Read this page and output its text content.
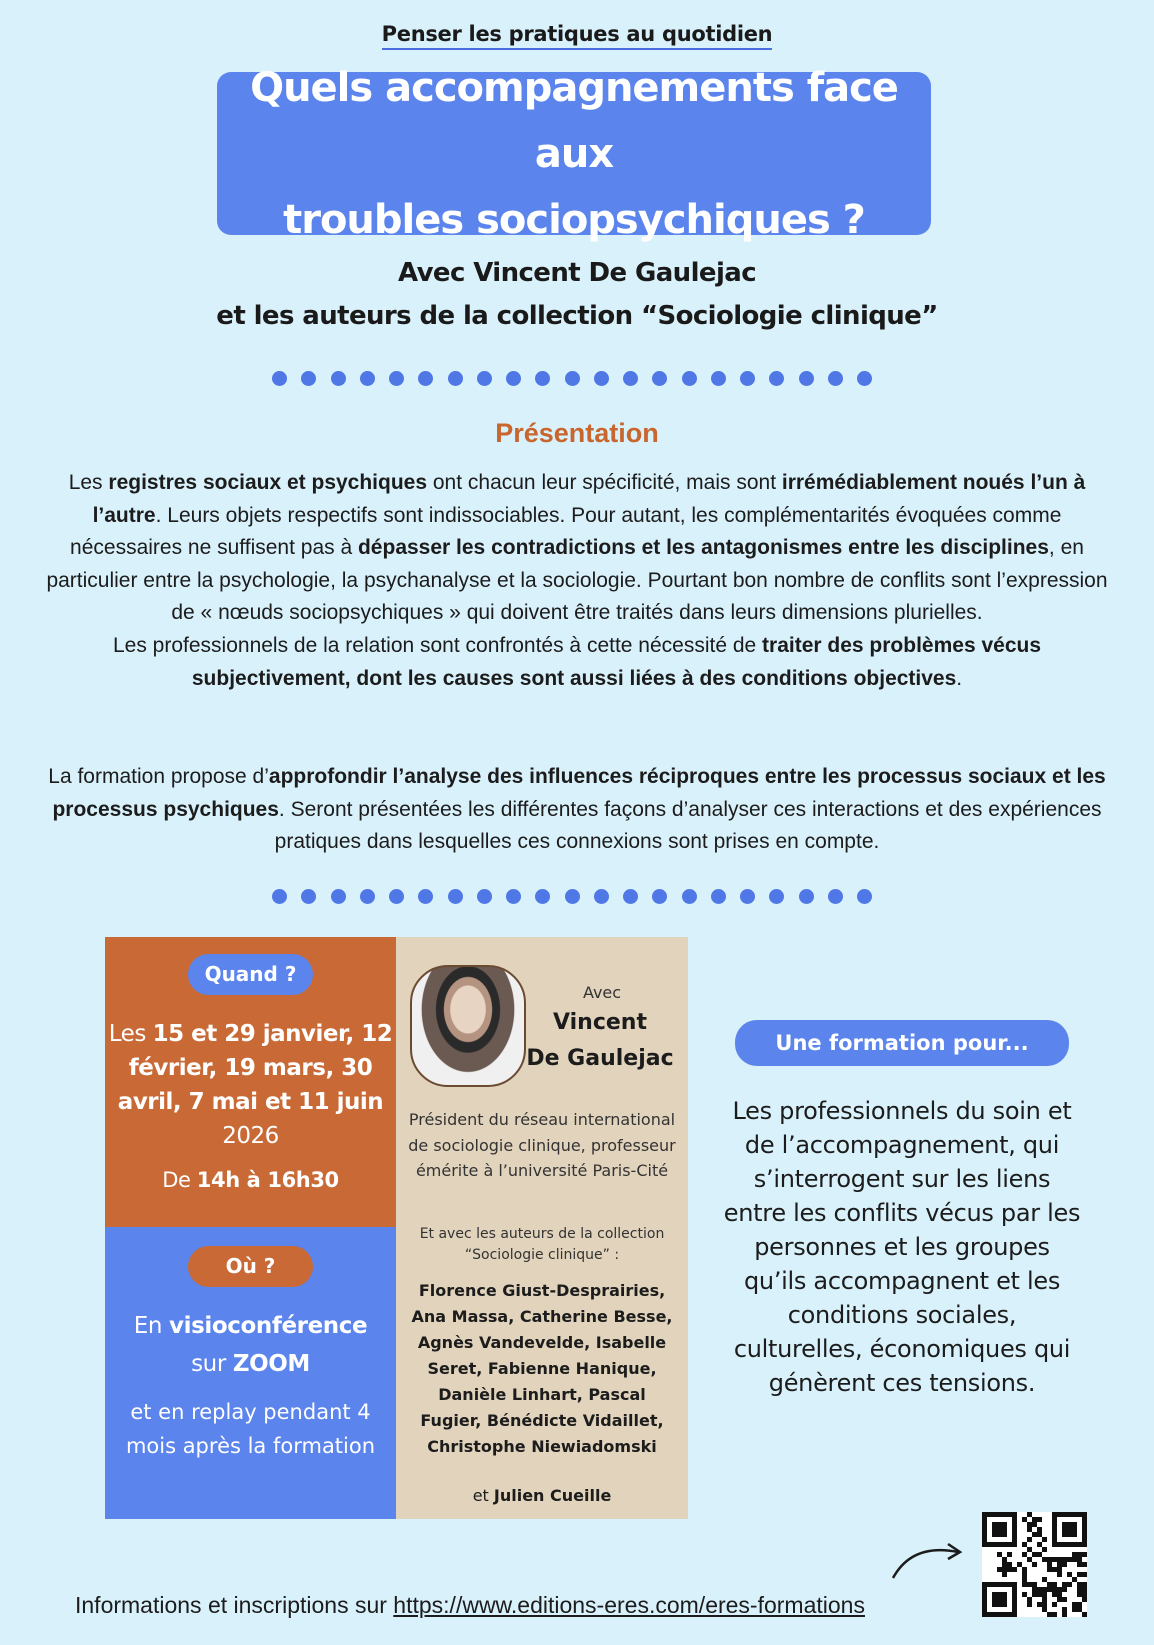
Penser les pratiques au quotidien
Quels accompagnements face aux
troubles sociopsychiques ?
Avec Vincent De Gaulejac
et les auteurs de la collection “Sociologie clinique”
Présentation
Les registres sociaux et psychiques ont chacun leur spécificité, mais sont irrémédiablement noués l’un à l’autre. Leurs objets respectifs sont indissociables. Pour autant, les complémentarités évoquées comme nécessaires ne suffisent pas à dépasser les contradictions et les antagonismes entre les disciplines, en particulier entre la psychologie, la psychanalyse et la sociologie. Pourtant bon nombre de conflits sont l’expression de « nœuds sociopsychiques » qui doivent être traités dans leurs dimensions plurielles.
Les professionnels de la relation sont confrontés à cette nécessité de traiter des problèmes vécus subjectivement, dont les causes sont aussi liées à des conditions objectives.
La formation propose d’approfondir l’analyse des influences réciproques entre les processus sociaux et les processus psychiques. Seront présentées les différentes façons d’analyser ces interactions et des expériences pratiques dans lesquelles ces connexions sont prises en compte.
Quand ?
Les 15 et 29 janvier, 12 février, 19 mars, 30 avril, 7 mai et 11 juin 2026
De 14h à 16h30
Où ?
En visioconférence
sur ZOOM
et en replay pendant 4 mois après la formation
Avec
Vincent
De Gaulejac
Président du réseau international de sociologie clinique, professeur émérite à l’université Paris-Cité
Et avec les auteurs de la collection “Sociologie clinique” :
Florence Giust-Desprairies, Ana Massa, Catherine Besse, Agnès Vandevelde, Isabelle Seret, Fabienne Hanique, Danièle Linhart, Pascal Fugier, Bénédicte Vidaillet, Christophe Niewiadomski
et Julien Cueille
Une formation pour...
Les professionnels du soin et de l’accompagnement, qui s’interrogent sur les liens entre les conflits vécus par les personnes et les groupes qu’ils accompagnent et les conditions sociales, culturelles, économiques qui génèrent ces tensions.
Informations et inscriptions sur https://www.editions-eres.com/eres-formations
